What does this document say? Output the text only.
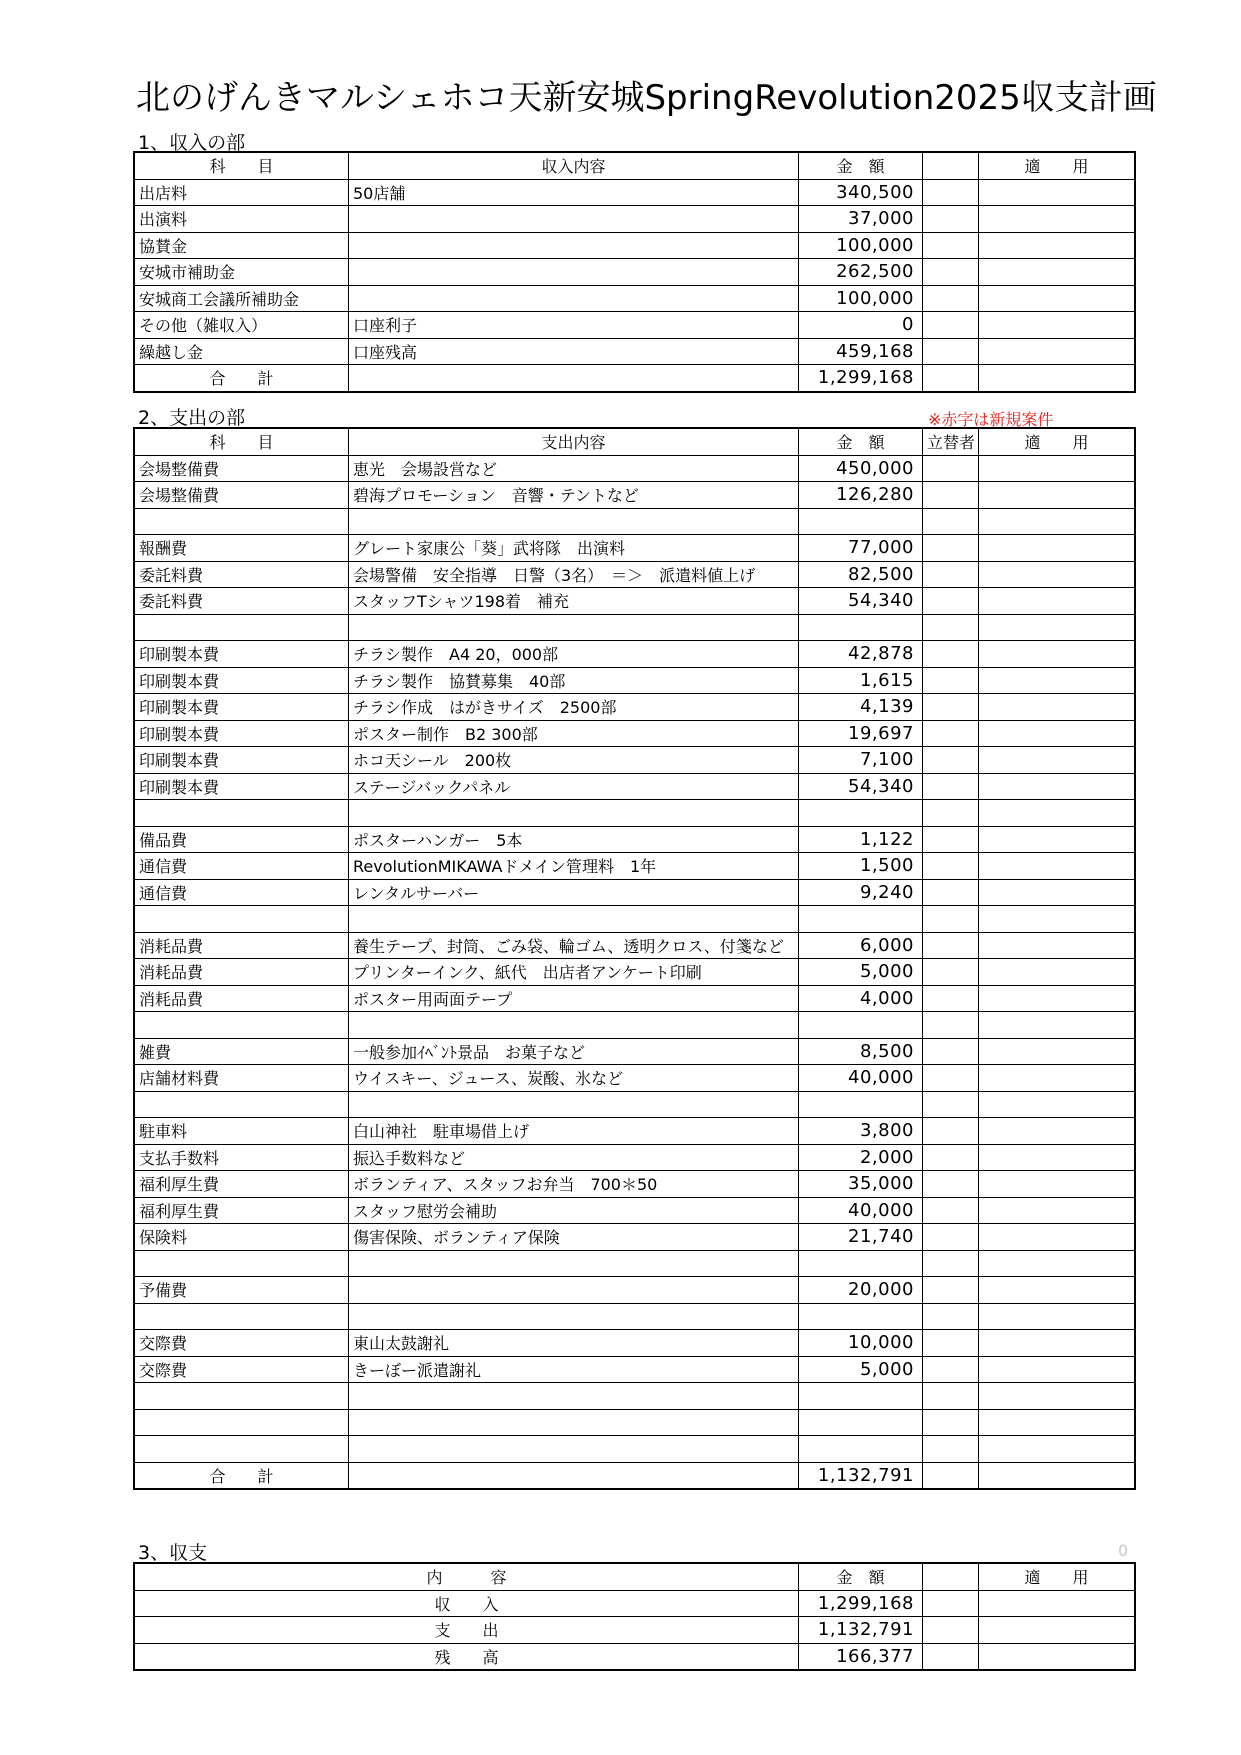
北のげんきマルシェホコ天新安城SpringRevolution2025収支計画
1、収入の部
科　　目	収入内容	金　額		適　　用
出店料	50店舗	340,500		
出演料		37,000		
協賛金		100,000		
安城市補助金		262,500		
安城商工会議所補助金		100,000		
その他（雑収入）	口座利子	0		
繰越し金	口座残高	459,168		
合　　計		1,299,168		
2、支出の部	※赤字は新規案件
科　　目	支出内容	金　額	立替者	適　　用
会場整備費	恵光　会場設営など	450,000		
会場整備費	碧海プロモーション　音響・テントなど	126,280		

報酬費	グレート家康公「葵」武将隊　出演料	77,000		
委託料費	会場警備　安全指導　日警（3名）　＝＞　派遣料値上げ	82,500		
委託料費	スタッフTシャツ198着　補充	54,340		

印刷製本費	チラシ製作　A4 20，000部	42,878		
印刷製本費	チラシ製作　協賛募集　40部	1,615		
印刷製本費	チラシ作成　はがきサイズ　2500部	4,139		
印刷製本費	ポスター制作　B2 300部	19,697		
印刷製本費	ホコ天シール　200枚	7,100		
印刷製本費	ステージバックパネル	54,340		

備品費	ポスターハンガー　5本	1,122		
通信費	RevolutionMIKAWAドメイン管理料　1年	1,500		
通信費	レンタルサーバー	9,240		

消耗品費	養生テープ、封筒、ごみ袋、輪ゴム、透明クロス、付箋など	6,000		
消耗品費	プリンターインク、紙代　出店者アンケート印刷	5,000		
消耗品費	ポスター用両面テープ	4,000		

雑費	一般参加ｲﾍﾞﾝﾄ景品　お菓子など	8,500		
店舗材料費	ウイスキー、ジュース、炭酸、氷など	40,000		

駐車料	白山神社　駐車場借上げ	3,800		
支払手数料	振込手数料など	2,000		
福利厚生費	ボランティア、スタッフお弁当　700＊50	35,000		
福利厚生費	スタッフ慰労会補助	40,000		
保険料	傷害保険、ボランティア保険	21,740		

予備費		20,000		

交際費	東山太鼓謝礼	10,000		
交際費	きーぼー派遣謝礼	5,000		

合　　計		1,132,791		
3、収支	0
内　　　容	金　額		適　　用
収　　入	1,299,168		
支　　出	1,132,791		
残　　高	166,377		
